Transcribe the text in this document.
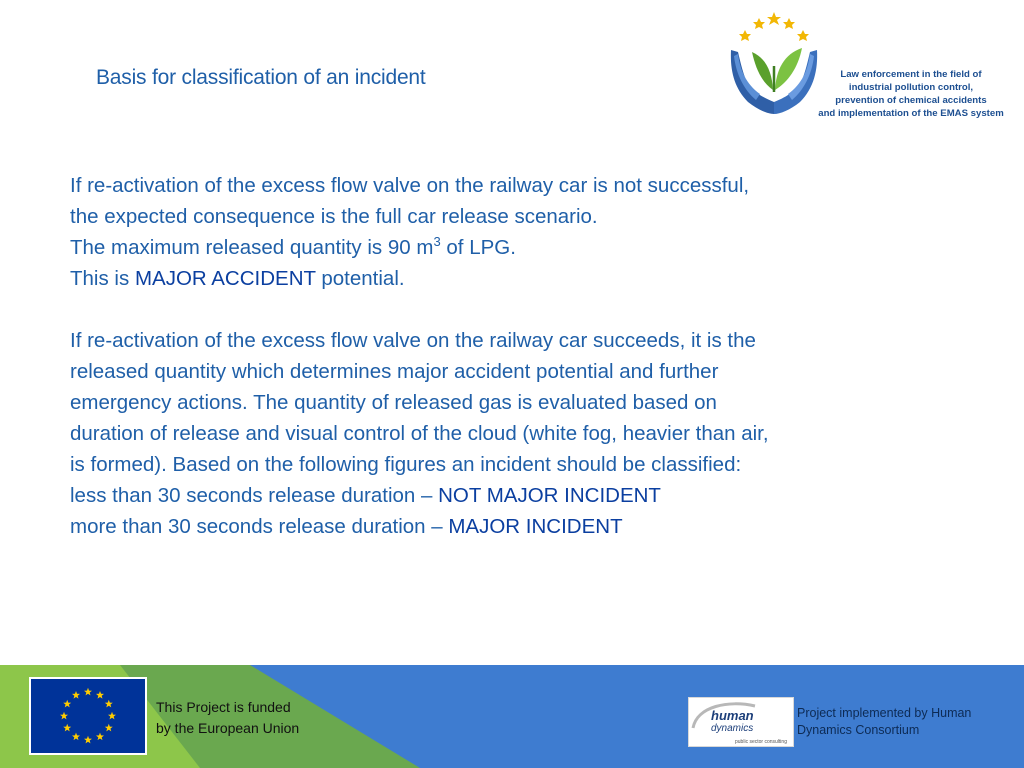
Basis for classification of an incident	Law enforcement in the field of
industrial pollution control,
prevention of chemical accidents
and implementation of the EMAS system

If re-activation of the excess flow valve on the railway car is not successful,

the expected consequence is the full car release scenario.

The maximum released quantity is 90 $m^3$ of LPG.

This is MAJOR ACCIDENT potential.

If re-activation of the excess flow valve on the railway car succeeds, it is the

released quantity which determines major accident potential and further

emergency actions. The quantity of released gas is evaluated based on

duration of release and visual control of the cloud (white fog, heavier than air,

is formed). Based on the following figures an incident should be classified:

less than 30 seconds release duration – NOT MAJOR INCIDENT

more than 30 seconds release duration – MAJOR INCIDENT

This Project is funded
by the European Union
human
dynamics
public sector consulting
Project implemented by Human
Dynamics Consortium
